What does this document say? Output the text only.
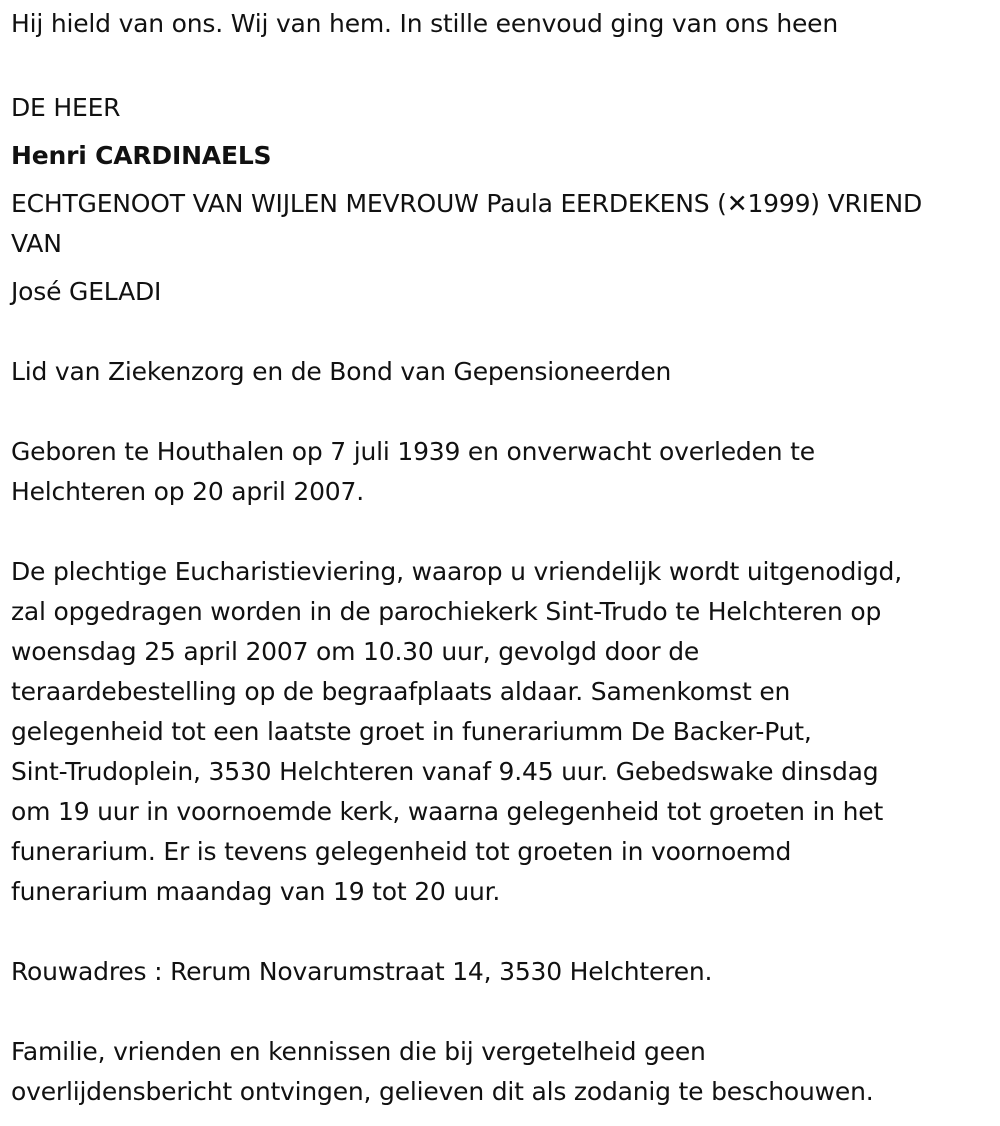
Hij hield van ons. Wij van hem. In stille eenvoud ging van ons heen

DE HEER

Henri CARDINAELS

ECHTGENOOT VAN WIJLEN MEVROUW Paula EERDEKENS (✕1999) VRIEND

VAN

José GELADI

Lid van Ziekenzorg en de Bond van Gepensioneerden

Geboren te Houthalen op 7 juli 1939 en onverwacht overleden te

Helchteren op 20 april 2007.

De plechtige Eucharistieviering, waarop u vriendelijk wordt uitgenodigd,

zal opgedragen worden in de parochiekerk Sint-Trudo te Helchteren op

woensdag 25 april 2007 om 10.30 uur, gevolgd door de

teraardebestelling op de begraafplaats aldaar. Samenkomst en

gelegenheid tot een laatste groet in funerariumm De Backer-Put,

Sint-Trudoplein, 3530 Helchteren vanaf 9.45 uur. Gebedswake dinsdag

om 19 uur in voornoemde kerk, waarna gelegenheid tot groeten in het

funerarium. Er is tevens gelegenheid tot groeten in voornoemd

funerarium maandag van 19 tot 20 uur.

Rouwadres : Rerum Novarumstraat 14, 3530 Helchteren.

Familie, vrienden en kennissen die bij vergetelheid geen

overlijdensbericht ontvingen, gelieven dit als zodanig te beschouwen.
